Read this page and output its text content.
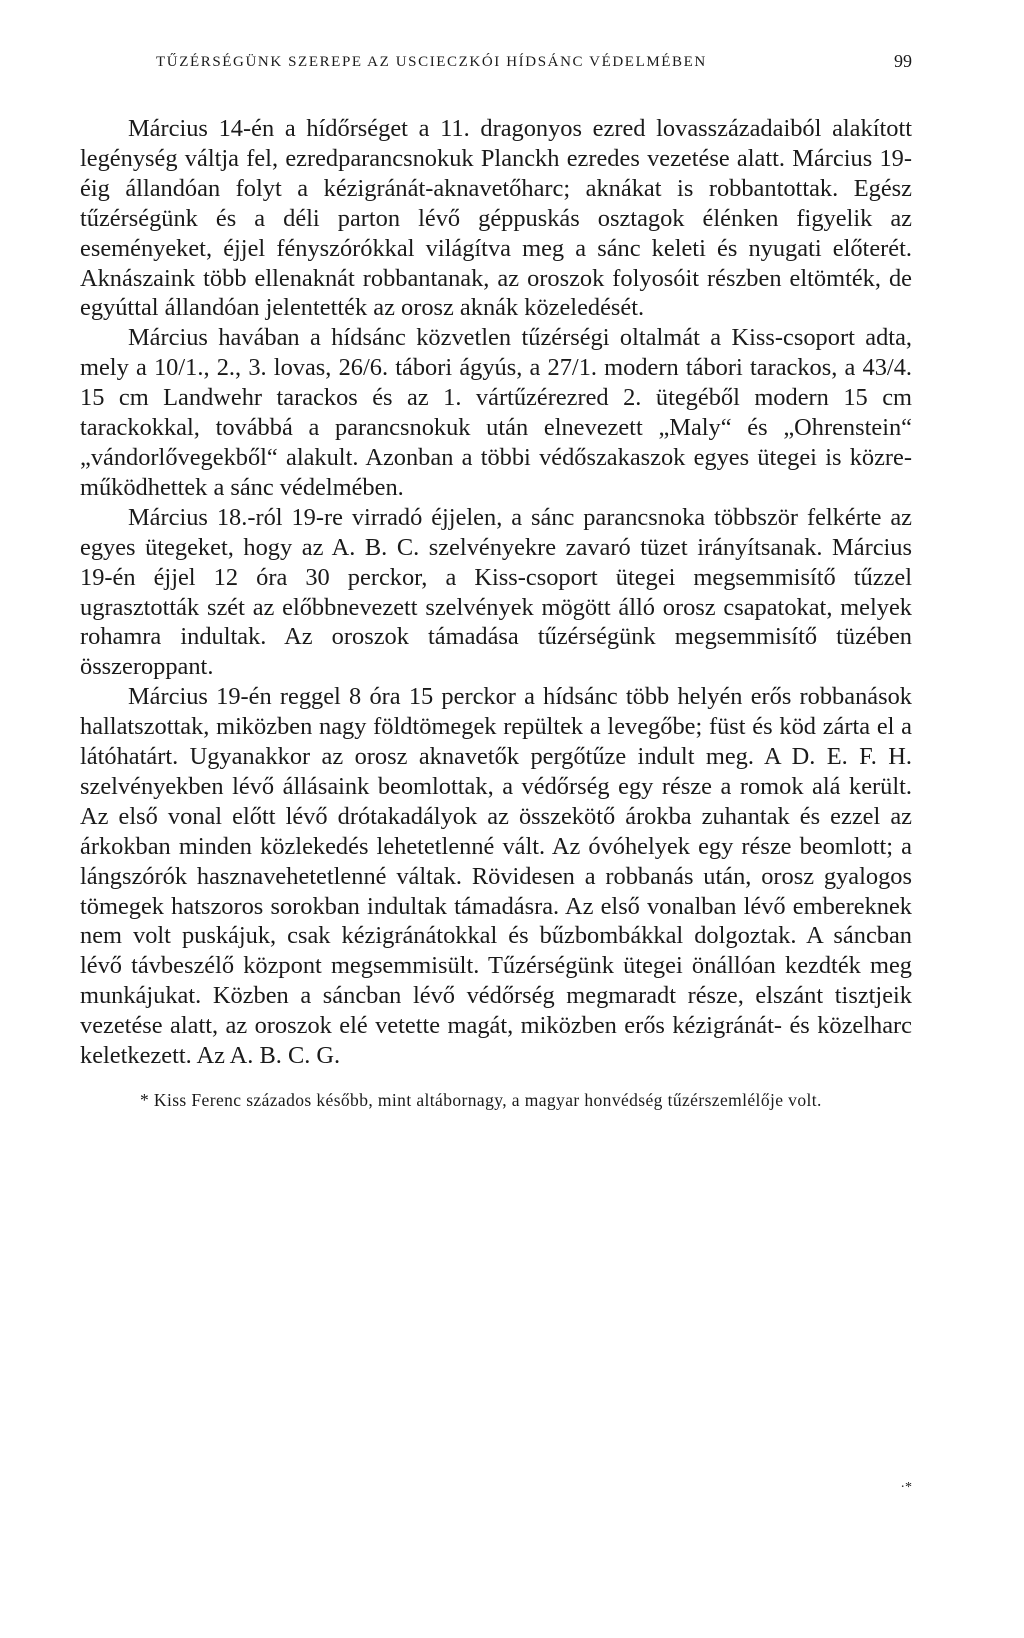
TŰZÉRSÉGÜNK SZEREPE AZ USCIECZKÓI HÍDSÁNC VÉDELMÉBEN	99

Március 14-én a hídőrséget a 11. dragonyos ezred lovasszázadaiból alakított legénység váltja fel, ezredparancsnokuk Planckh ezredes vezetése alatt. Március 19-éig állandóan folyt a kézigránát-aknavetőharc; aknákat is robbantottak. Egész tűzérségünk és a déli parton lévő géppuskás osztagok élénken figyelik az eseményeket, éjjel fényszórókkal világítva meg a sánc keleti és nyugati előterét. Aknászaink több ellenaknát robbantanak, az oroszok folyosóit részben eltömték, de egyúttal állandóan jelentették az orosz aknák közeledését.

Március havában a hídsánc közvetlen tűzérségi oltalmát a Kiss-csoport adta, mely a 10/1., 2., 3. lovas, 26/6. tábori ágyús, a 27/1. modern tábori tarackos, a 43/4. 15 cm Landwehr tarackos és az 1. vártűzérezred 2. ütegéből modern 15 cm tarackokkal, továbbá a parancsnokuk után elnevezett „Maly“ és „Ohrenstein“ „vándorlővegekből“ alakult. Azonban a többi védőszakaszok egyes ütegei is közreműködhettek a sánc védelmében.

Március 18.-ról 19-re virradó éjjelen, a sánc parancsnoka többször felkérte az egyes ütegeket, hogy az A. B. C. szelvényekre zavaró tüzet irányítsanak. Március 19-én éjjel 12 óra 30 perckor, a Kiss-csoport ütegei megsemmisítő tűzzel ugrasztották szét az előbbnevezett szelvények mögött álló orosz csapatokat, melyek rohamra indultak. Az oroszok támadása tűzérségünk megsemmisítő tüzében összeroppant.

Március 19-én reggel 8 óra 15 perckor a hídsánc több helyén erős robbanások hallatszottak, miközben nagy földtömegek repültek a levegőbe; füst és köd zárta el a látóhatárt. Ugyanakkor az orosz aknavetők pergőtűze indult meg. A D. E. F. H. szelvényekben lévő állásaink beomlottak, a védőrség egy része a romok alá került. Az első vonal előtt lévő drótakadályok az összekötő árokba zuhantak és ezzel az árkokban minden közlekedés lehetetlenné vált. Az óvóhelyek egy része beomlott; a lángszórók hasznavehetetlenné váltak. Rövidesen a robbanás után, orosz gyalogos tömegek hatszoros sorokban indultak támadásra. Az első vonalban lévő embereknek nem volt puskájuk, csak kézigránátokkal és bűzbombákkal dolgoztak. A sáncban lévő távbeszélő központ megsemmisült. Tűzérségünk ütegei önállóan kezdték meg munkájukat. Közben a sáncban lévő védőrség megmaradt része, elszánt tisztjeik vezetése alatt, az oroszok elé vetette magát, miközben erős kézigránát- és közelharc keletkezett. Az A. B. C. G.

* Kiss Ferenc százados később, mint altábornagy, a magyar honvédség tűzérszemlélője volt.

·*
